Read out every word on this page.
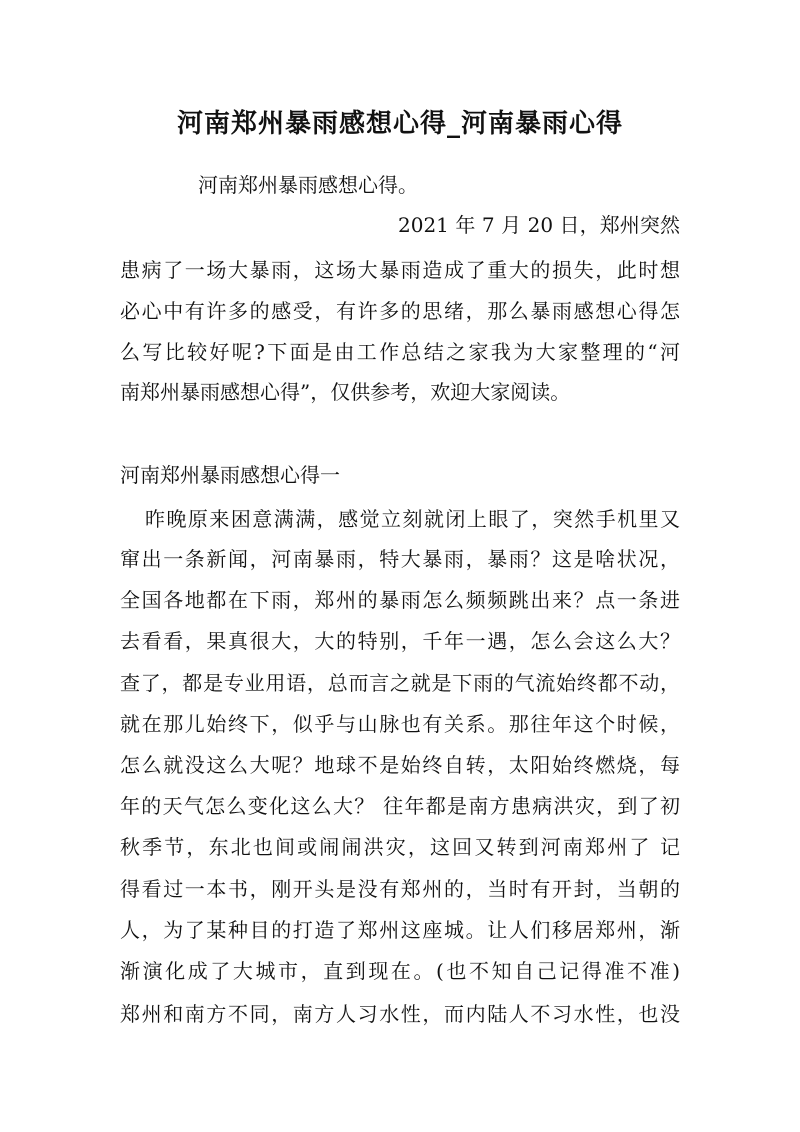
河南郑州暴雨感想心得_河南暴雨心得
河南郑州暴雨感想心得。
2021 年 7 月 20 日，郑州突然
患病了一场大暴雨，这场大暴雨造成了重大的损失，此时想
必心中有许多的感受，有许多的思绪，那么暴雨感想心得怎
么写比较好呢?下面是由工作总结之家我为大家整理的“河
南郑州暴雨感想心得”，仅供参考，欢迎大家阅读。
河南郑州暴雨感想心得一
昨晚原来困意满满，感觉立刻就闭上眼了，突然手机里又
窜出一条新闻，河南暴雨，特大暴雨，暴雨？这是啥状况，
全国各地都在下雨，郑州的暴雨怎么频频跳出来？点一条进
去看看，果真很大，大的特别，千年一遇，怎么会这么大？
查了，都是专业用语，总而言之就是下雨的气流始终都不动，
就在那儿始终下，似乎与山脉也有关系。那往年这个时候，
怎么就没这么大呢？地球不是始终自转，太阳始终燃烧，每
年的天气怎么变化这么大？ 往年都是南方患病洪灾，到了初
秋季节，东北也间或闹闹洪灾，这回又转到河南郑州了 记
得看过一本书，刚开头是没有郑州的，当时有开封，当朝的
人，为了某种目的打造了郑州这座城。让人们移居郑州，渐
渐演化成了大城市，直到现在。(也不知自己记得准不准)
郑州和南方不同，南方人习水性，而内陆人不习水性，也没
